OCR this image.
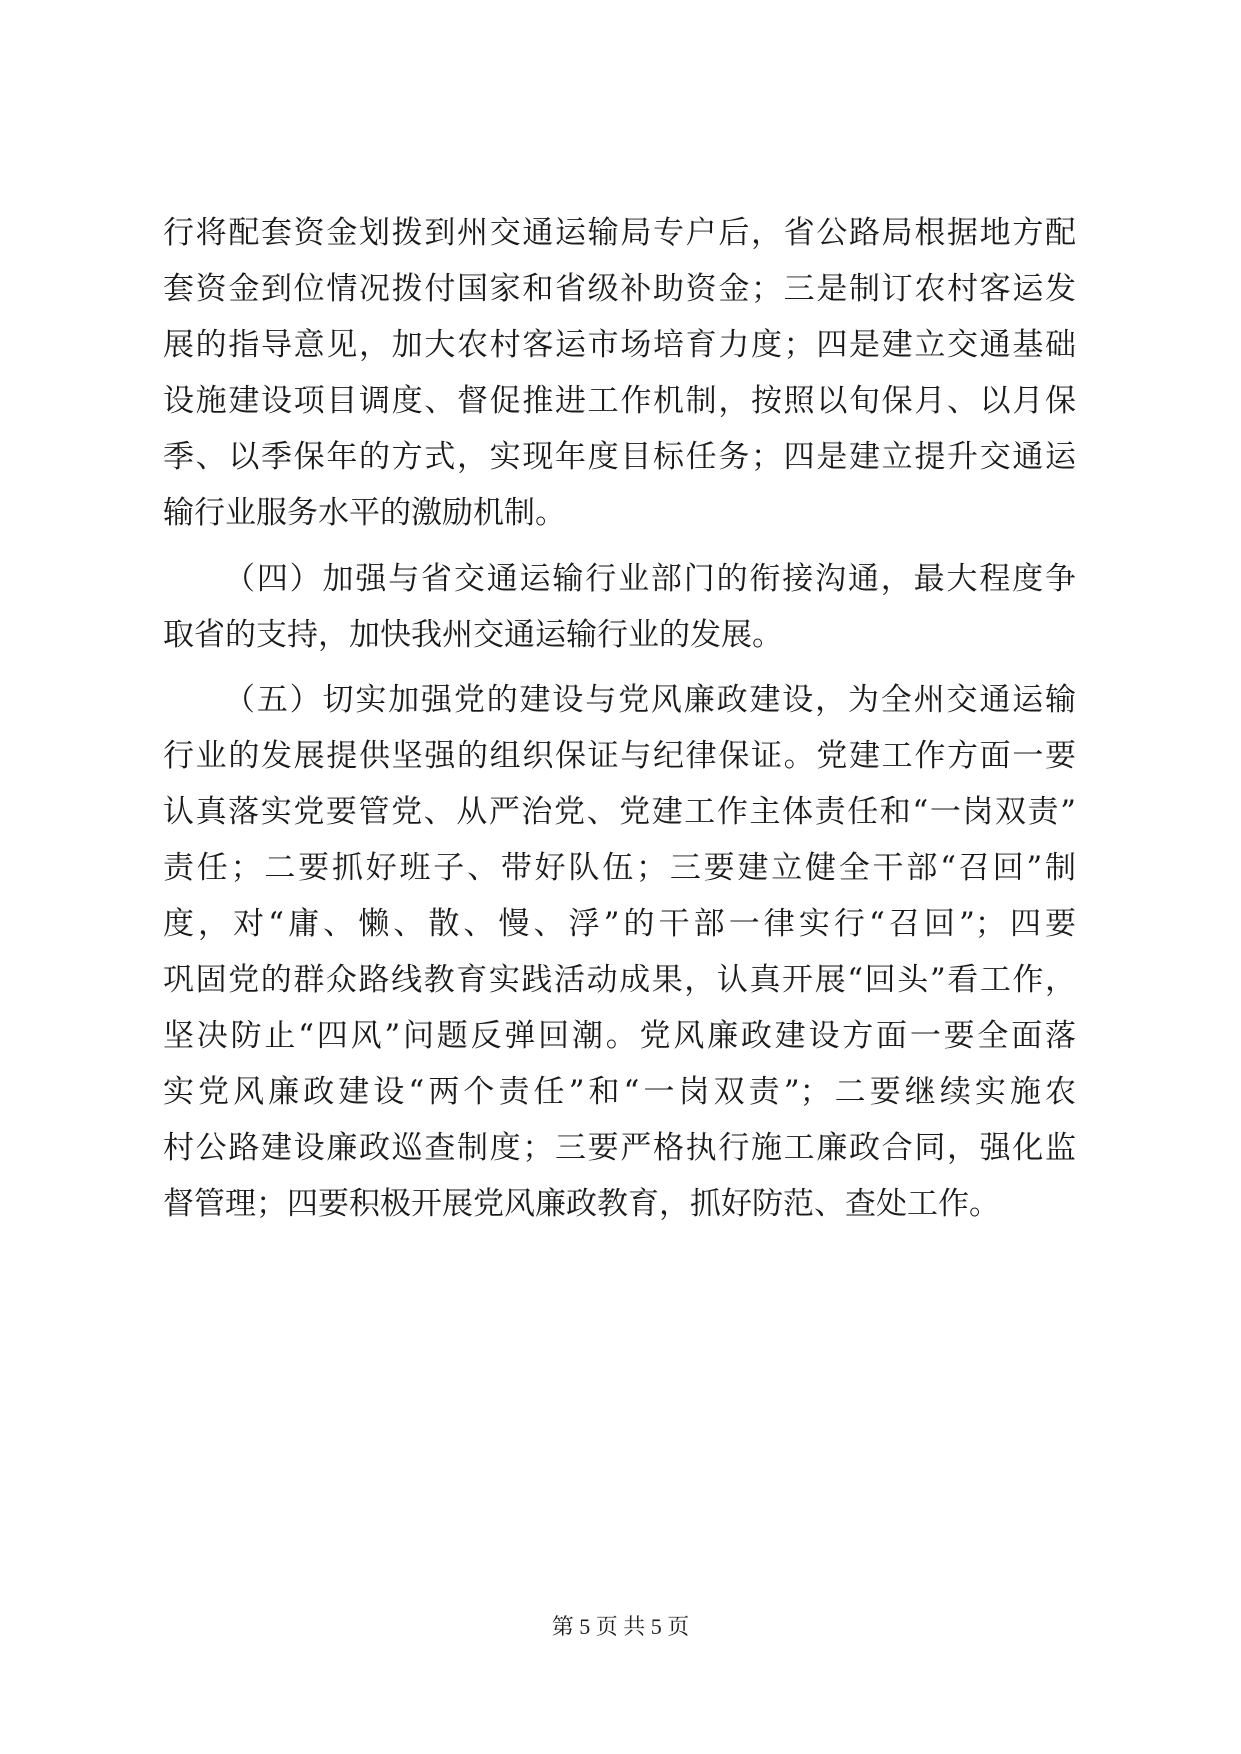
行将配套资金划拨到州交通运输局专户后，省公路局根据地方配
套资金到位情况拨付国家和省级补助资金；三是制订农村客运发
展的指导意见，加大农村客运市场培育力度；四是建立交通基础
设施建设项目调度、督促推进工作机制，按照以旬保月、以月保
季、以季保年的方式，实现年度目标任务；四是建立提升交通运
输行业服务水平的激励机制。
（四）加强与省交通运输行业部门的衔接沟通，最大程度争
取省的支持，加快我州交通运输行业的发展。
（五）切实加强党的建设与党风廉政建设，为全州交通运输
行业的发展提供坚强的组织保证与纪律保证。党建工作方面一要
认真落实党要管党、从严治党、党建工作主体责任和“一岗双责”
责任；二要抓好班子、带好队伍；三要建立健全干部“召回”制
度，对“庸、懒、散、慢、浮”的干部一律实行“召回”；四要
巩固党的群众路线教育实践活动成果，认真开展“回头”看工作，
坚决防止“四风”问题反弹回潮。党风廉政建设方面一要全面落
实党风廉政建设“两个责任”和“一岗双责”；二要继续实施农
村公路建设廉政巡查制度；三要严格执行施工廉政合同，强化监
督管理；四要积极开展党风廉政教育，抓好防范、查处工作。
第 5 页 共 5 页
